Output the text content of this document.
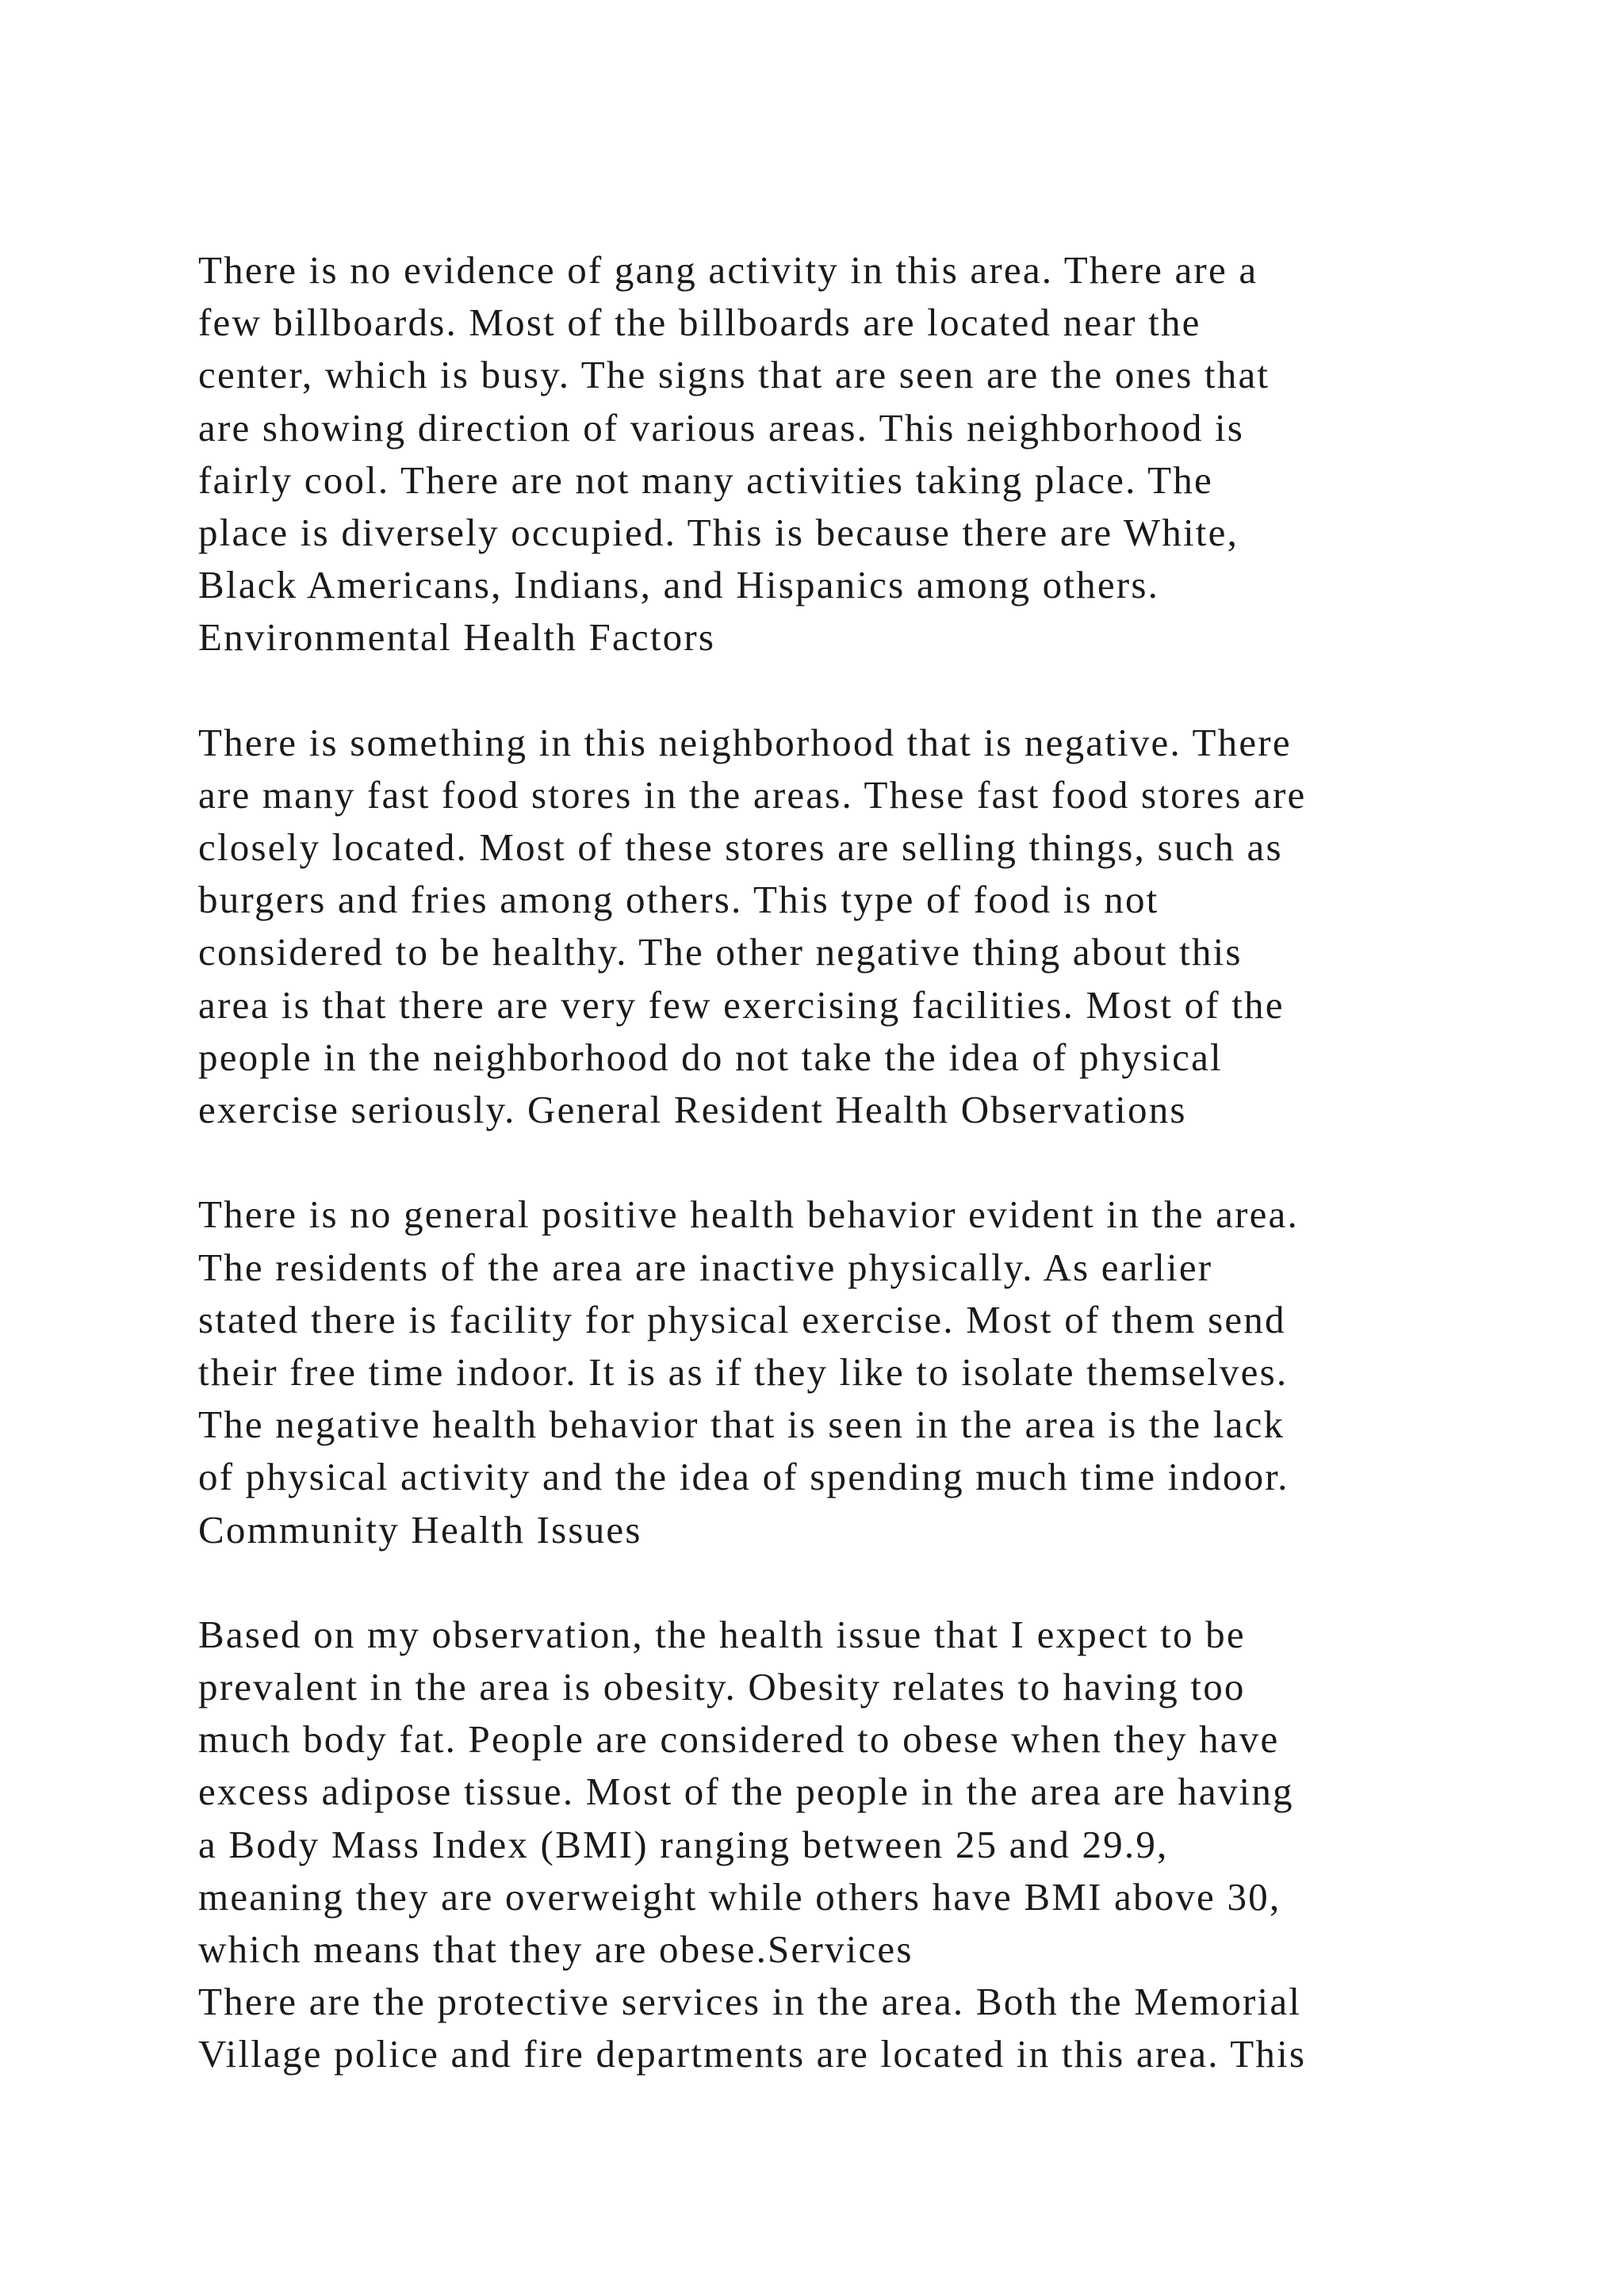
There is no evidence of gang activity in this area. There are a
few billboards. Most of the billboards are located near the
center, which is busy. The signs that are seen are the ones that
are showing direction of various areas. This neighborhood is
fairly cool. There are not many activities taking place. The
place is diversely occupied. This is because there are White,
Black Americans, Indians, and Hispanics among others.
Environmental Health Factors
There is something in this neighborhood that is negative. There
are many fast food stores in the areas. These fast food stores are
closely located. Most of these stores are selling things, such as
burgers and fries among others. This type of food is not
considered to be healthy. The other negative thing about this
area is that there are very few exercising facilities. Most of the
people in the neighborhood do not take the idea of physical
exercise seriously. General Resident Health Observations
There is no general positive health behavior evident in the area.
The residents of the area are inactive physically. As earlier
stated there is facility for physical exercise. Most of them send
their free time indoor. It is as if they like to isolate themselves.
The negative health behavior that is seen in the area is the lack
of physical activity and the idea of spending much time indoor.
Community Health Issues
Based on my observation, the health issue that I expect to be
prevalent in the area is obesity. Obesity relates to having too
much body fat. People are considered to obese when they have
excess adipose tissue. Most of the people in the area are having
a Body Mass Index (BMI) ranging between 25 and 29.9,
meaning they are overweight while others have BMI above 30,
which means that they are obese.Services
There are the protective services in the area. Both the Memorial
Village police and fire departments are located in this area. This
